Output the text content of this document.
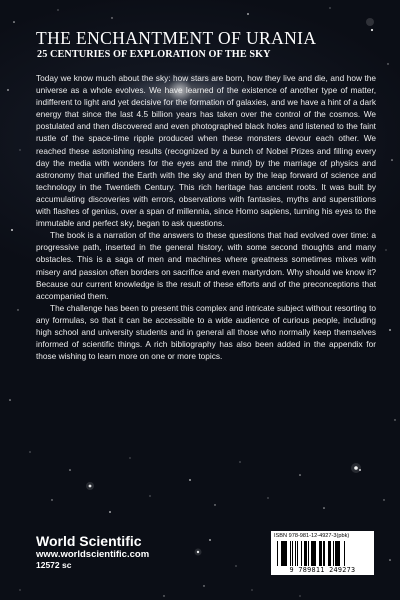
THE ENCHANTMENT OF URANIA
25 CENTURIES OF EXPLORATION OF THE SKY

Today we know much about the sky: how stars are born, how they live and die, and how the universe as a whole evolves. We have learned of the existence of another type of matter, indifferent to light and yet decisive for the formation of galaxies, and we have a hint of a dark energy that since the last 4.5 billion years has taken over the control of the cosmos. We postulated and then discovered and even photographed black holes and listened to the faint rustle of the space-time ripple produced when these monsters devour each other. We reached these astonishing results (recognized by a bunch of Nobel Prizes and filling every day the media with wonders for the eyes and the mind) by the marriage of physics and astronomy that unified the Earth with the sky and then by the leap forward of science and technology in the Twentieth Century. This rich heritage has ancient roots. It was built by accumulating discoveries with errors, observations with fantasies, myths and superstitions with flashes of genius, over a span of millennia, since Homo sapiens, turning his eyes to the immutable and perfect sky, began to ask questions.

The book is a narration of the answers to these questions that had evolved over time: a progressive path, inserted in the general history, with some second thoughts and many obstacles. This is a saga of men and machines where greatness sometimes mixes with misery and passion often borders on sacrifice and even martyrdom. Why should we know it? Because our current knowledge is the result of these efforts and of the preconceptions that accompanied them.

The challenge has been to present this complex and intricate subject without resorting to any formulas, so that it can be accessible to a wide audience of curious people, including high school and university students and in general all those who normally keep themselves informed of scientific things. A rich bibliography has also been added in the appendix for those wishing to learn more on one or more topics.

World Scientific
www.worldscientific.com
12572 sc
ISBN 978-981-12-4927-3(pbk)
9 789811 249273
